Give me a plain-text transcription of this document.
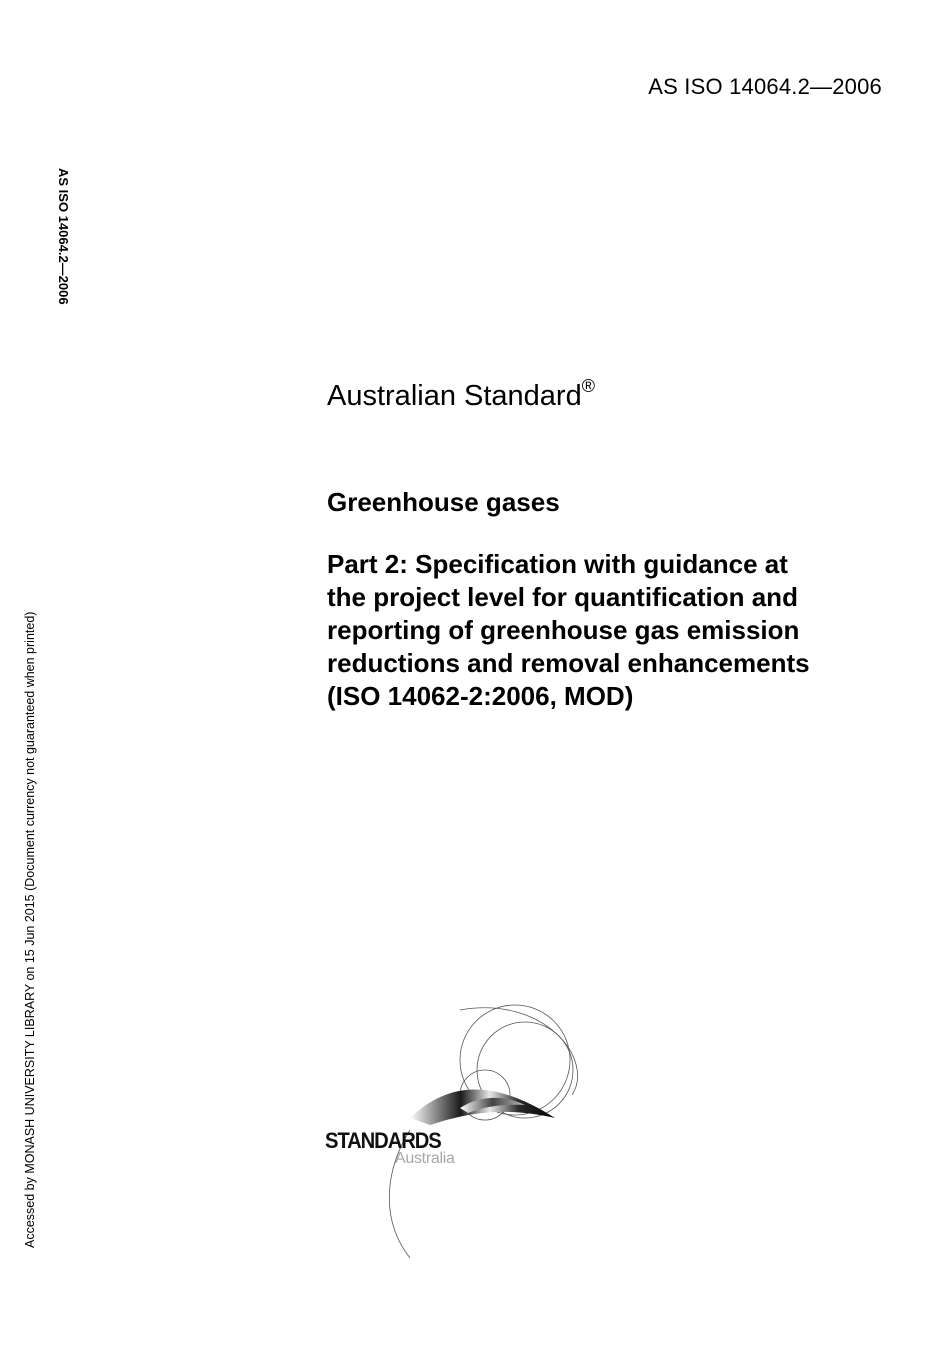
AS ISO 14064.2—2006
AS ISO 14064.2—2006
Accessed by MONASH UNIVERSITY LIBRARY on 15 Jun 2015 (Document currency not guaranteed when printed)
Australian Standard®
Greenhouse gases
Part 2: Specification with guidance at
the project level for quantification and
reporting of greenhouse gas emission
reductions and removal enhancements
(ISO 14062-2:2006, MOD)
STANDARDS
Australia
